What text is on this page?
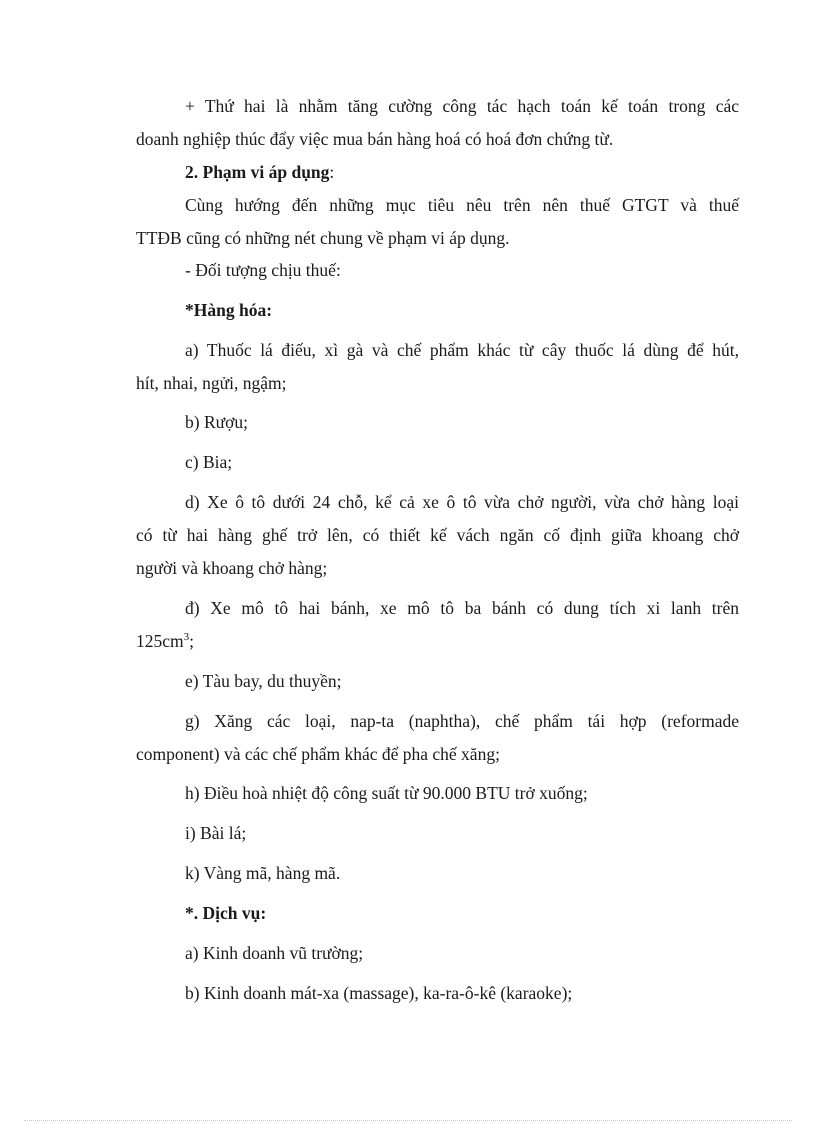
+ Thứ hai là nhằm tăng cường công tác hạch toán kế toán trong các

doanh nghiệp thúc đẩy việc mua bán hàng hoá có hoá đơn chứng từ.

2. Phạm vi áp dụng:

Cùng hướng đến những mục tiêu nêu trên nên thuế GTGT và thuế

TTĐB cũng có những nét chung về phạm vi áp dụng.

- Đối tượng chịu thuế:

*Hàng hóa:

a) Thuốc lá điếu, xì gà và chế phẩm khác từ cây thuốc lá dùng để hút,

hít, nhai, ngửi, ngậm;

b) Rượu;

c) Bia;

d) Xe ô tô dưới 24 chỗ, kể cả xe ô tô vừa chở người, vừa chở hàng loại

có từ hai hàng ghế trở lên, có thiết kế vách ngăn cố định giữa khoang chở

người và khoang chở hàng;

đ) Xe mô tô hai bánh, xe mô tô ba bánh có dung tích xi lanh trên

$125cm^3$;

e) Tàu bay, du thuyền;

g) Xăng các loại, nap-ta (naphtha), chế phẩm tái hợp (reformade

component) và các chế phẩm khác để pha chế xăng;

h) Điều hoà nhiệt độ công suất từ 90.000 BTU trở xuống;

i) Bài lá;

k) Vàng mã, hàng mã.

*. Dịch vụ:

a) Kinh doanh vũ trường;

b) Kinh doanh mát-xa (massage), ka-ra-ô-kê (karaoke);
